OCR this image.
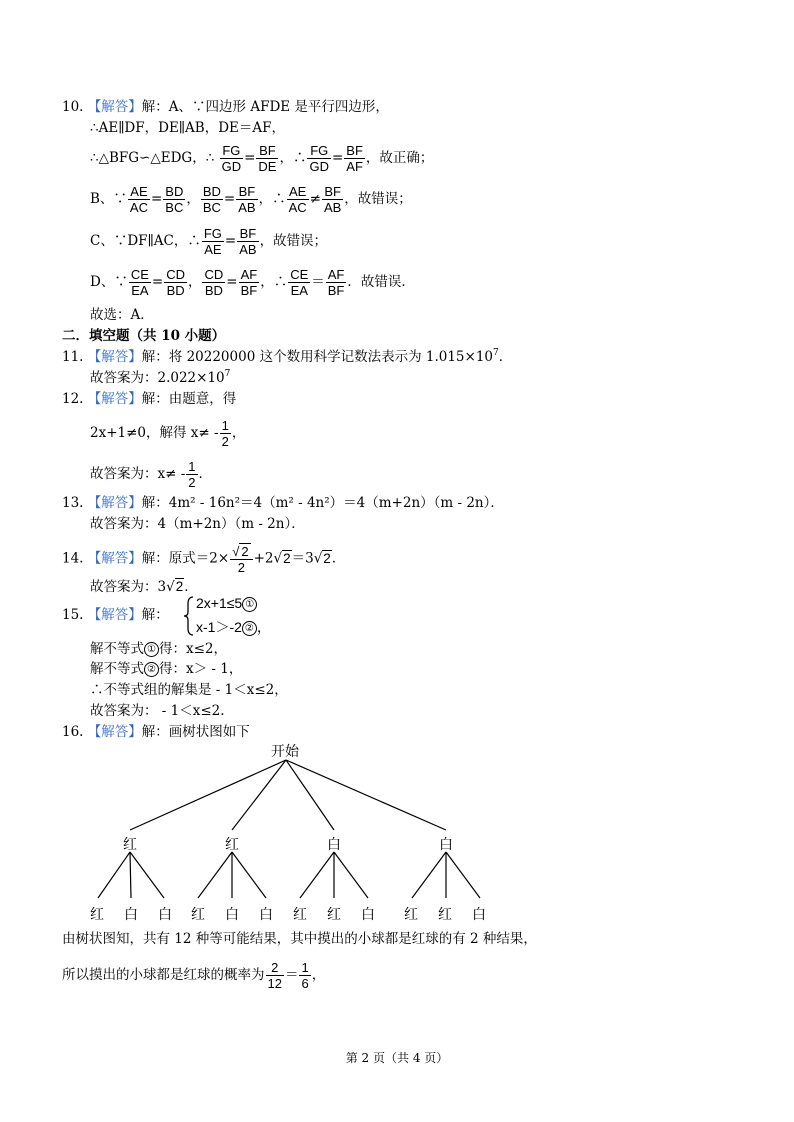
10. 【解答】解：A、∵四边形 AFDE 是平行四边形，
∴AE∥DF，DE∥AB，DE＝AF，
∴△BFG∽△EDG，∴ $\frac{FG}{GD} = \frac{BF}{DE}$ ，∴ $\frac{FG}{GD} = \frac{BF}{AF}$ ，故正确；
B、∵ $\frac{AE}{AC} = \frac{BD}{BC}$ ， $\frac{BD}{BC} = \frac{BF}{AB}$ ，∴ $\frac{AE}{AC} \ne \frac{BF}{AB}$ ，故错误；
C、∵DF∥AC，∴ $\frac{FG}{AE} = \frac{BF}{AB}$ ，故错误；
D、∵ $\frac{CE}{EA} = \frac{CD}{BD}$ ， $\frac{CD}{BD} = \frac{AF}{BF}$ ，∴ $\frac{CE}{EA} = \frac{AF}{BF}$ ．故错误．
故选：A．
二．填空题（共 10 小题）
11. 【解答】解：将 20220000 这个数用科学记数法表示为 $1.015\times 10^7$．
故答案为：$2.022\times 10^7$
12. 【解答】解：由题意，得
2x+1≠0，解得 $x\ne - \frac{1}{2}$ ，
故答案为：$x\ne - \frac{1}{2}$ ．
13. 【解答】解：4m² - 16n²＝4（m² - 4n²）＝4（m+2n）（m - 2n）．
故答案为：4（m+2n）（m - 2n）．
14. 【解答】解：原式$=2\times \frac{√ 2}{2} +2√2=3√2$．
故答案为：3√2．
15. 【解答】解：
2x+1≤5 ①
x-1＞-2 ② ，
解不等式 ① 得：x≤2，
解不等式 ② 得：x＞ - 1，
∴不等式组的解集是 - 1＜x≤2，
故答案为： - 1＜x≤2.
16. 【解答】解：画树状图如下
开始
红	红	白	白
红 白 白 红 白 白 红 红 白 红 红 白
由树状图知，共有 12 种等可能结果，其中摸出的小球都是红球的有 2 种结果，
所以摸出的小球都是红球的概率为 $\frac{2}{12} = \frac{1}{6}$ ，
第 2 页（共 4 页）
